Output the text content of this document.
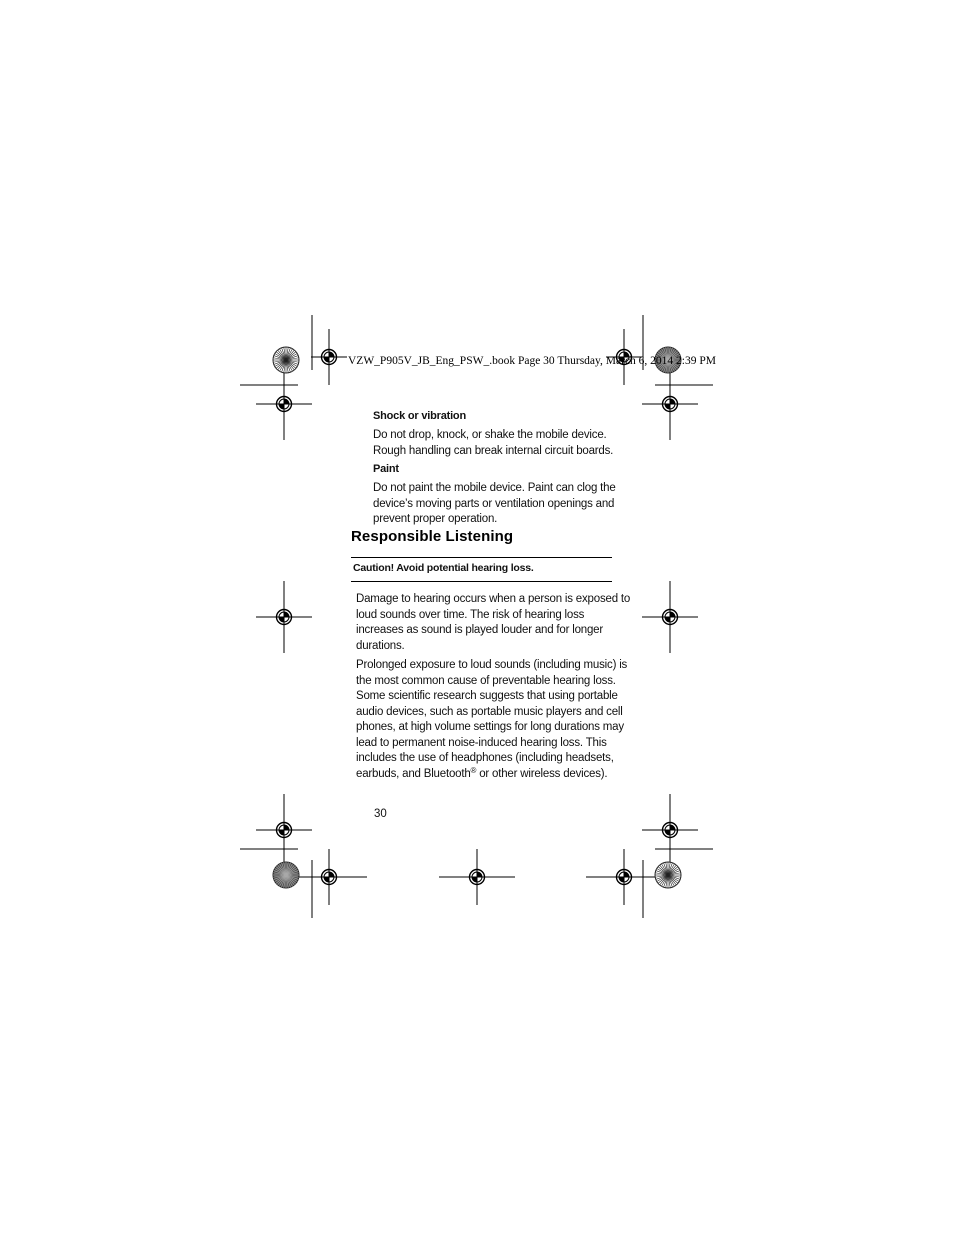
VZW_P905V_JB_Eng_PSW_.book Page 30 Thursday, March 6, 2014 2:39 PM
Shock or vibration
Do not drop, knock, or shake the mobile device.
Rough handling can break internal circuit boards.
Paint
Do not paint the mobile device. Paint can clog the
device’s moving parts or ventilation openings and
prevent proper operation.
Responsible Listening
Caution! Avoid potential hearing loss.
Damage to hearing occurs when a person is exposed to
loud sounds over time. The risk of hearing loss
increases as sound is played louder and for longer
durations.
Prolonged exposure to loud sounds (including music) is
the most common cause of preventable hearing loss.
Some scientific research suggests that using portable
audio devices, such as portable music players and cell
phones, at high volume settings for long durations may
lead to permanent noise-induced hearing loss. This
includes the use of headphones (including headsets,
earbuds, and Bluetooth® or other wireless devices).
30
